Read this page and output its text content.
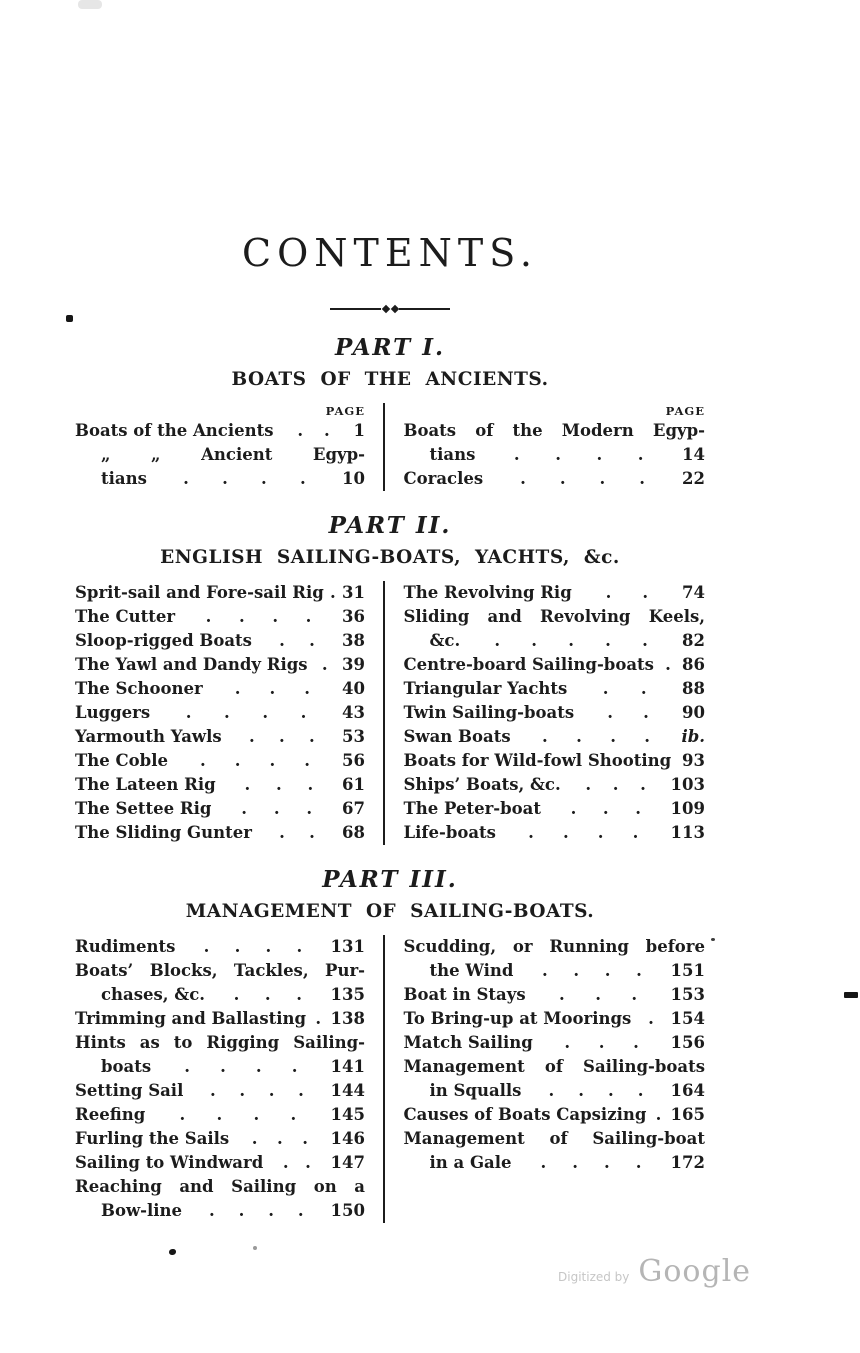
CONTENTS.
PART I.
BOATS OF THE ANCIENTS.
PAGE
Boats of the Ancients . . 1
„ „ Ancient Egyp-
tians . . . . 10
PAGE
Boats of the Modern Egyp-
tians . . . . 14
Coracles . . . . 22
PART II.
ENGLISH SAILING-BOATS, YACHTS, &c.
Sprit-sail and Fore-sail Rig . 31
The Cutter . . . . 36
Sloop-rigged Boats . . 38
The Yawl and Dandy Rigs . 39
The Schooner . . . 40
Luggers . . . . 43
Yarmouth Yawls . . . 53
The Coble . . . . 56
The Lateen Rig . . . 61
The Settee Rig . . . 67
The Sliding Gunter . . 68
The Revolving Rig . . 74
Sliding and Revolving Keels,
&c. . . . . . 82
Centre-board Sailing-boats . 86
Triangular Yachts . . 88
Twin Sailing-boats . . 90
Swan Boats . . . . ib.
Boats for Wild-fowl Shooting 93
Ships’ Boats, &c. . . . 103
The Peter-boat . . . 109
Life-boats . . . . 113
PART III.
MANAGEMENT OF SAILING-BOATS.
Rudiments . . . . 131
Boats’ Blocks, Tackles, Pur-
chases, &c. . . . 135
Trimming and Ballasting . 138
Hints as to Rigging Sailing-
boats . . . . 141
Setting Sail . . . . 144
Reefing . . . . 145
Furling the Sails . . . 146
Sailing to Windward . . 147
Reaching and Sailing on a
Bow-line . . . . 150
Scudding, or Running before
the Wind . . . . 151
Boat in Stays . . . 153
To Bring-up at Moorings . 154
Match Sailing . . . 156
Management of Sailing-boats
in Squalls . . . . 164
Causes of Boats Capsizing . 165
Management of Sailing-boat
in a Gale . . . . 172
Digitized by Google
